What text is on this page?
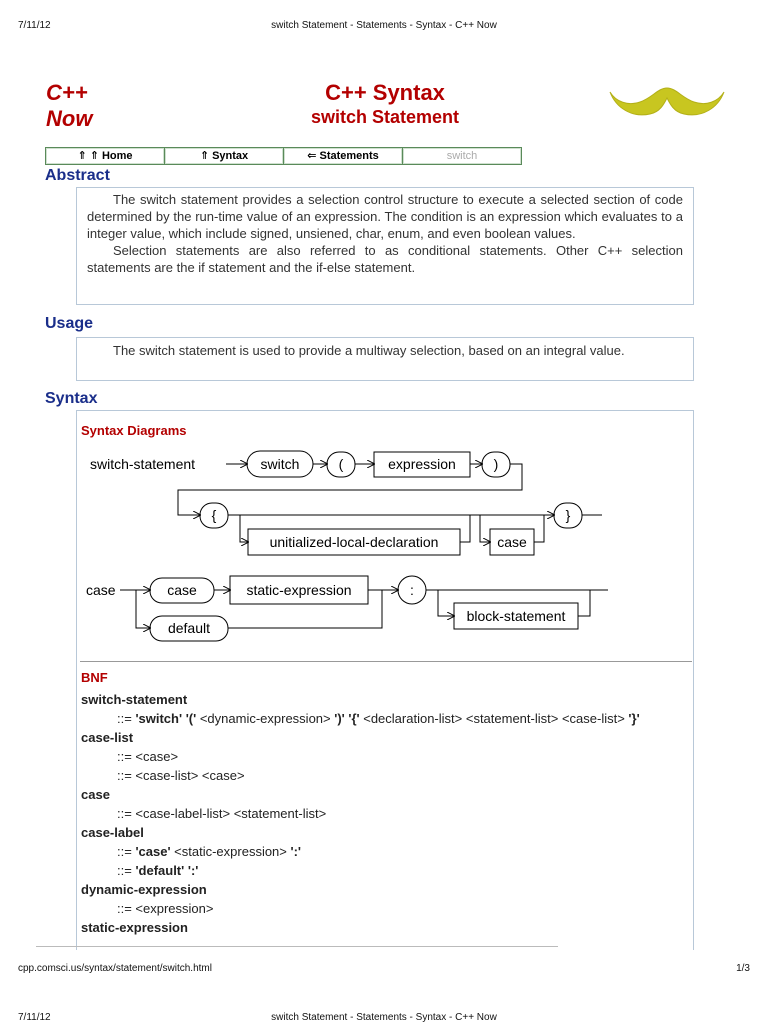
7/11/12	switch Statement - Statements - Syntax - C++ Now
C++
Now
C++ Syntax
switch Statement
⇑ ⇑ Home	⇑ Syntax	⇐ Statements	switch
Abstract

The switch statement provides a selection control structure to execute a selected section of code determined by the run-time value of an expression. The condition is an expression which evaluates to a integer value, which include signed, unsiened, char, enum, and even boolean values.

Selection statements are also referred to as conditional statements. Other C++ selection statements are the if statement and the if-else statement.

Usage

The switch statement is used to provide a multiway selection, based on an integral value.

Syntax
Syntax Diagrams
switch-statement	switch	(	expression	)
{
unitialized-local-declaration	case
}
case	case	static-expression	:
default
block-statement
BNF
switch-statement
::= 'switch' '(' <dynamic-expression> ')' '{' <declaration-list> <statement-list> <case-list> '}'
case-list
::= <case>
::= <case-list> <case>
case
::= <case-label-list> <statement-list>
case-label
::= 'case' <static-expression> ':'
::= 'default' ':'
dynamic-expression
::= <expression>
static-expression
cpp.comsci.us/syntax/statement/switch.html	1/3
7/11/12	switch Statement - Statements - Syntax - C++ Now
